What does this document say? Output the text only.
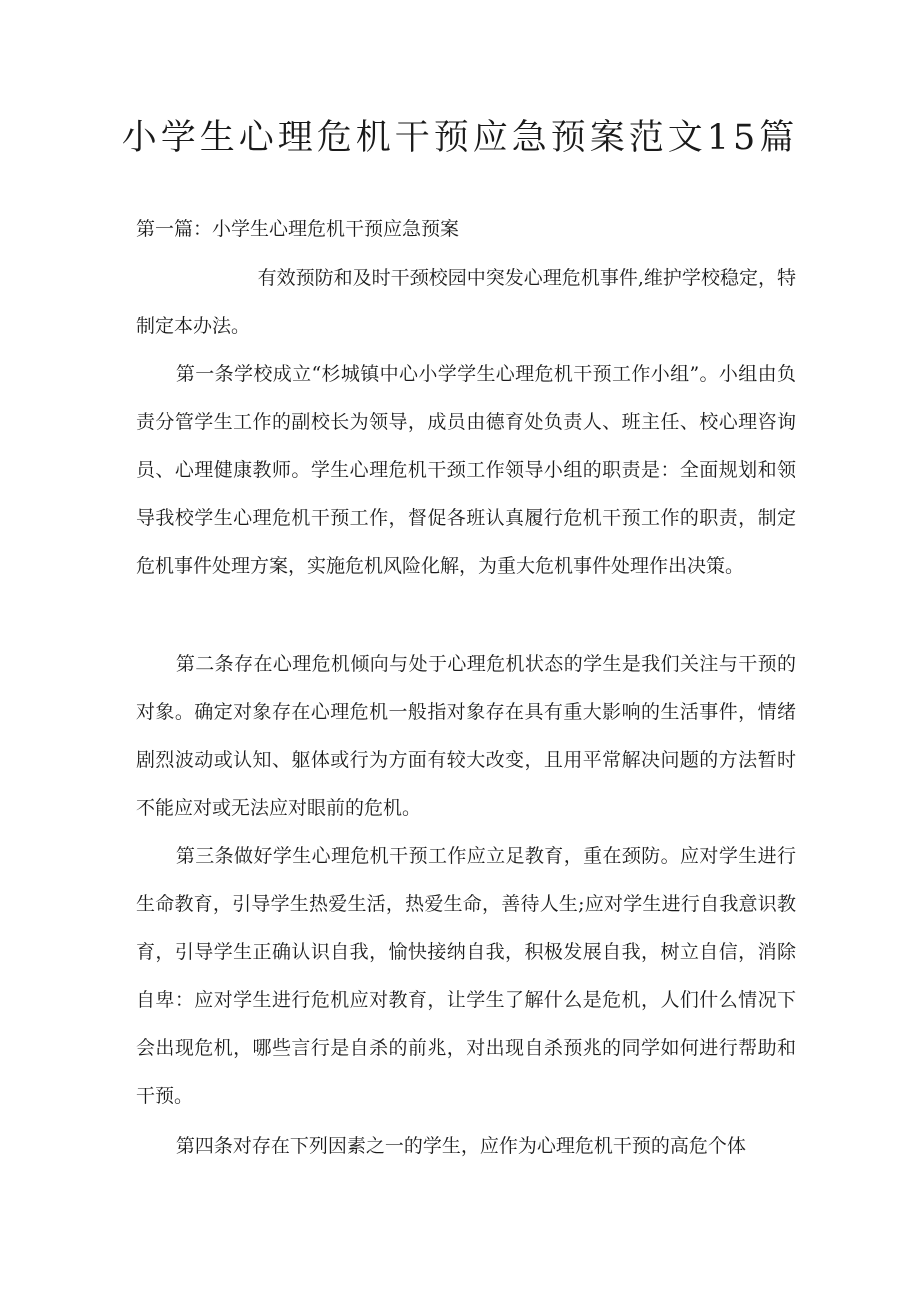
小学生心理危机干预应急预案范文15篇

第一篇：小学生心理危机干预应急预案

有效预防和及时干颈校园中突发心理危机事件,维护学校稳定，特制定本办法。

第一条学校成立“杉城镇中心小学学生心理危机干预工作小组”。小组由负责分管学生工作的副校长为领导，成员由德育处负责人、班主任、校心理咨询员、心理健康教师。学生心理危机干颈工作领导小组的职责是：全面规划和领导我校学生心理危机干预工作，督促各班认真履行危机干预工作的职责，制定危机事件处理方案，实施危机风险化解，为重大危机事件处理作出决策。

第二条存在心理危机倾向与处于心理危机状态的学生是我们关注与干预的对象。确定对象存在心理危机一般指对象存在具有重大影响的生活事件，情绪剧烈波动或认知、躯体或行为方面有较大改变，且用平常解决问题的方法暂时不能应对或无法应对眼前的危机。

第三条做好学生心理危机干预工作应立足教育，重在颈防。应对学生进行生命教育，引导学生热爱生活，热爱生命，善待人生;应对学生进行自我意识教育，引导学生正确认识自我，愉快接纳自我，积极发展自我，树立自信，消除自卑：应对学生进行危机应对教育，让学生了解什么是危机，人们什么情况下会出现危机，哪些言行是自杀的前兆，对出现自杀预兆的同学如何进行帮助和干预。

第四条对存在下列因素之一的学生，应作为心理危机干预的高危个体
